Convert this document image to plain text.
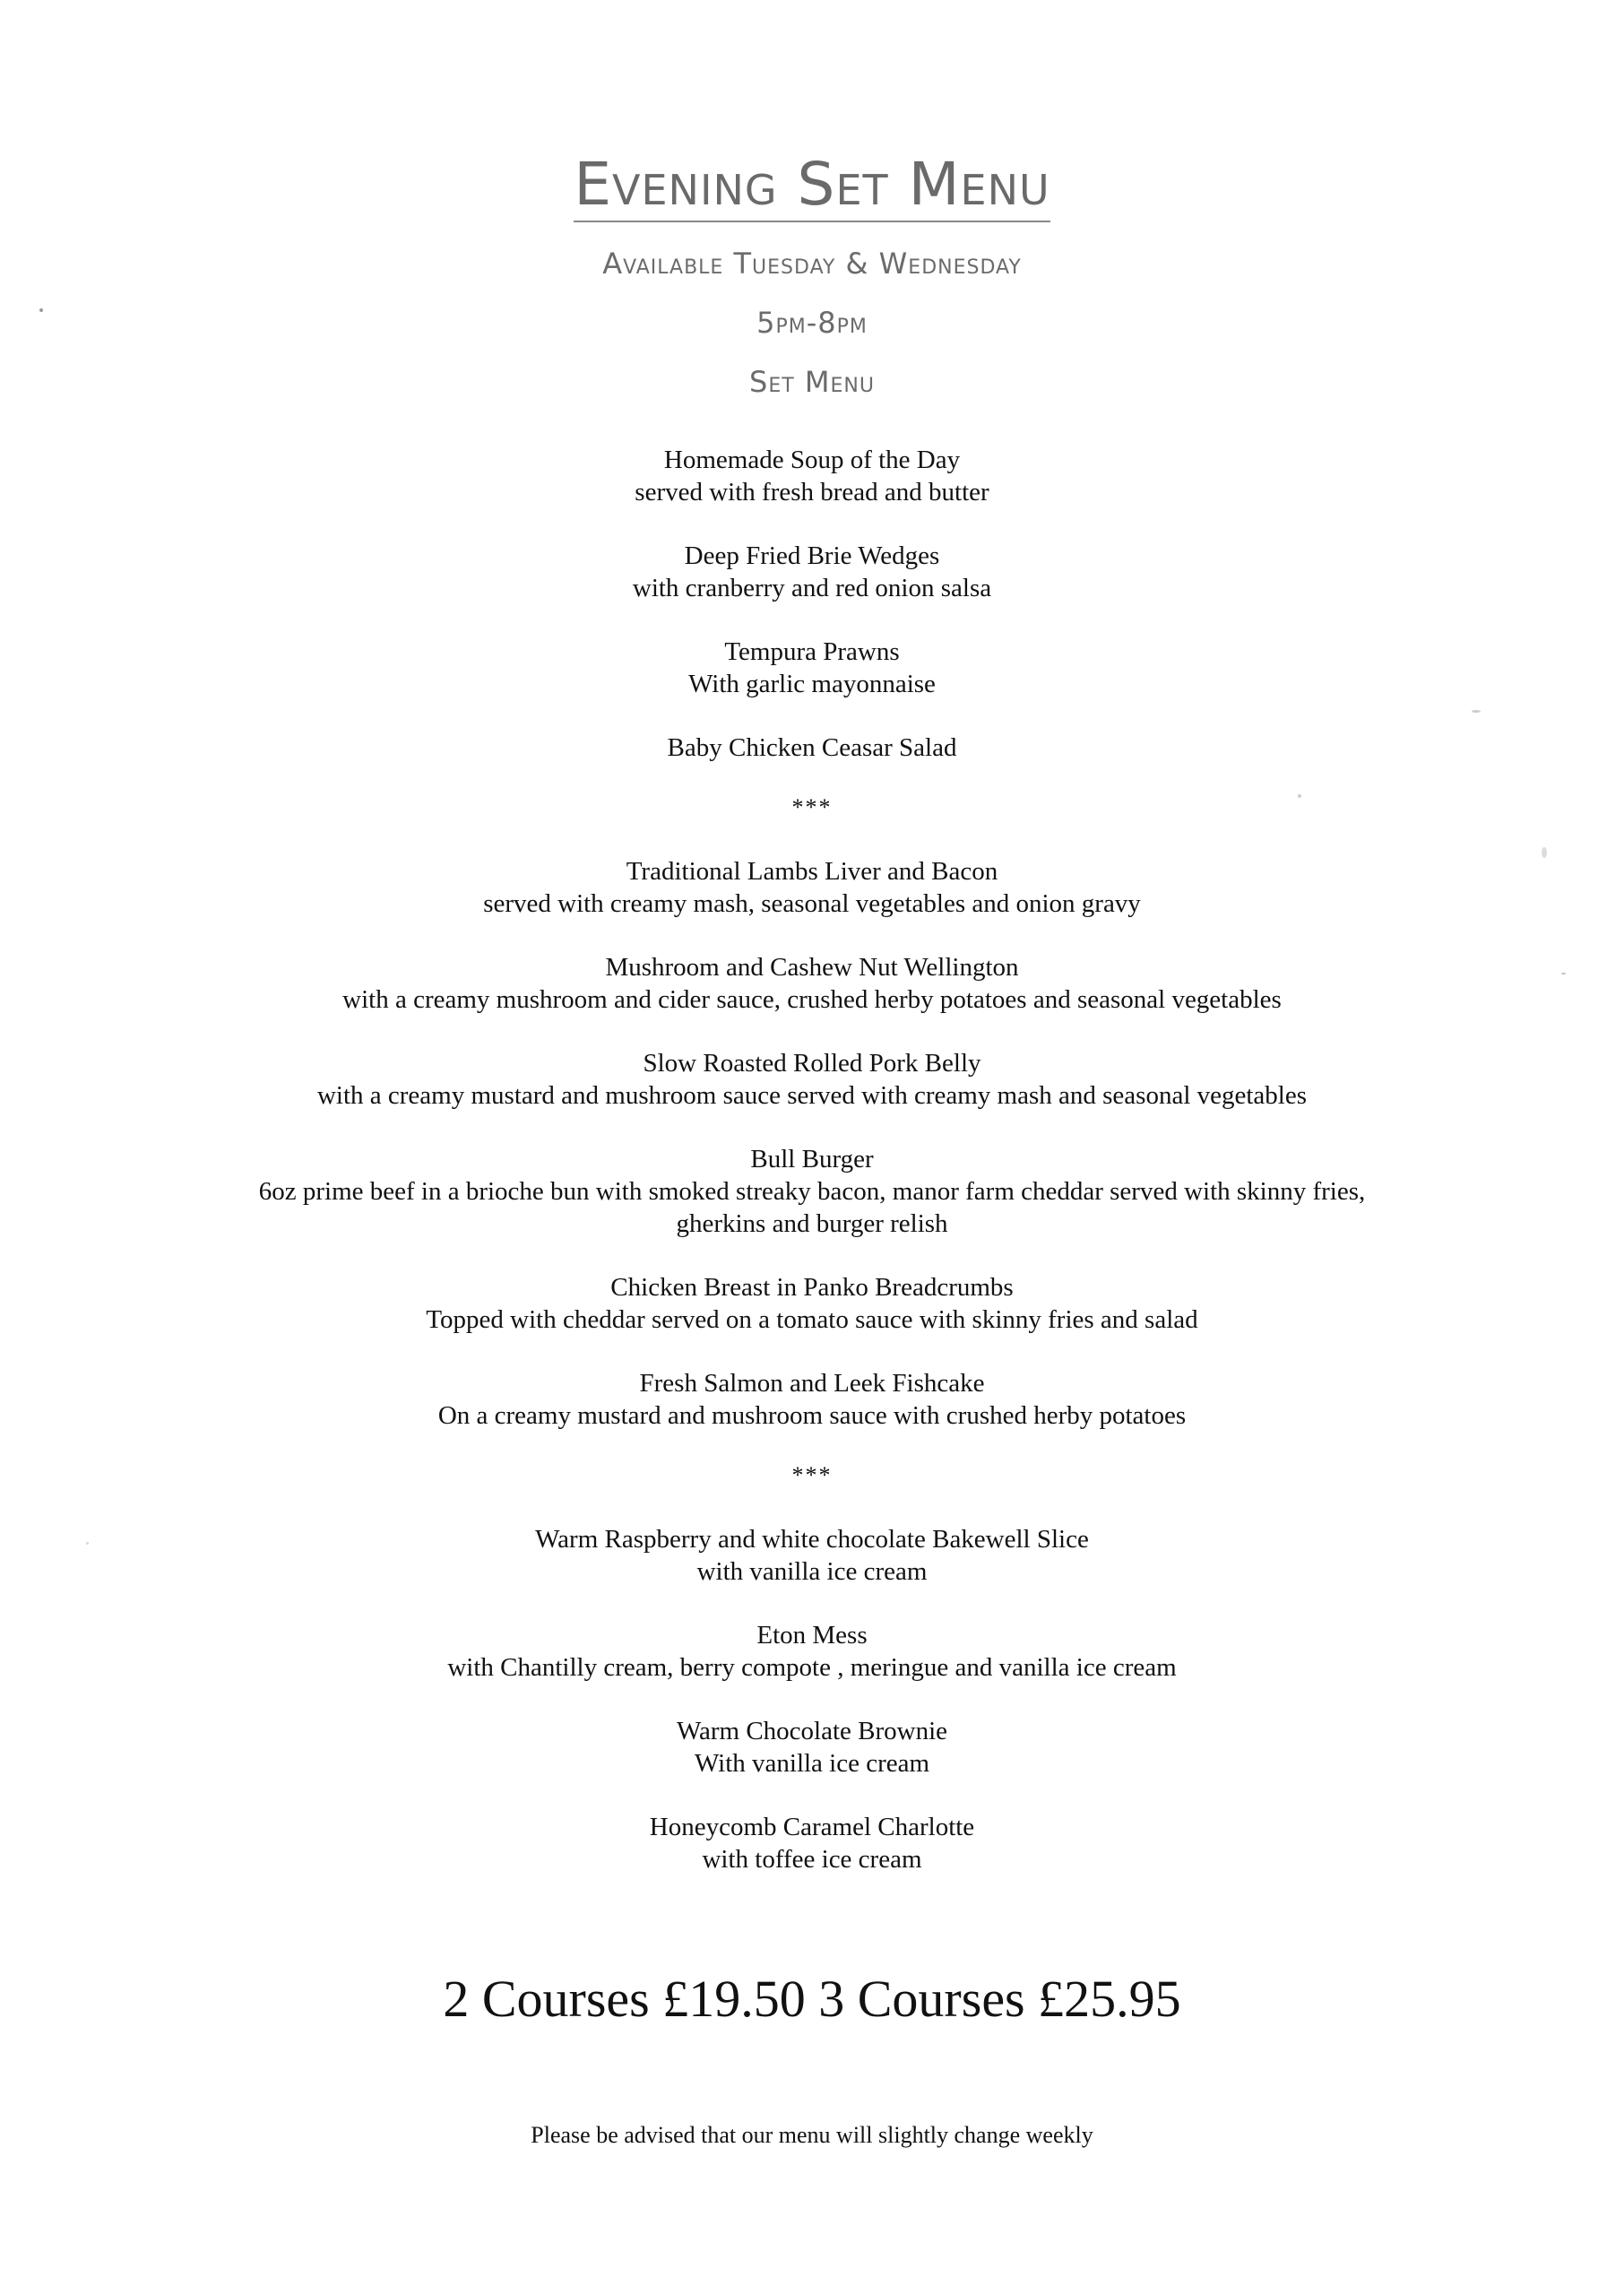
Evening Set Menu

Available Tuesday & Wednesday

5pm-8pm

Set Menu

Homemade Soup of the Day
served with fresh bread and butter
Deep Fried Brie Wedges
with cranberry and red onion salsa
Tempura Prawns
With garlic mayonnaise
Baby Chicken Ceasar Salad
***
Traditional Lambs Liver and Bacon
served with creamy mash, seasonal vegetables and onion gravy
Mushroom and Cashew Nut Wellington
with a creamy mushroom and cider sauce, crushed herby potatoes and seasonal vegetables
Slow Roasted Rolled Pork Belly
with a creamy mustard and mushroom sauce served with creamy mash and seasonal vegetables
Bull Burger
6oz prime beef in a brioche bun with smoked streaky bacon, manor farm cheddar served with skinny fries,
gherkins and burger relish
Chicken Breast in Panko Breadcrumbs
Topped with cheddar served on a tomato sauce with skinny fries and salad
Fresh Salmon and Leek Fishcake
On a creamy mustard and mushroom sauce with crushed herby potatoes
***
Warm Raspberry and white chocolate Bakewell Slice
with vanilla ice cream
Eton Mess
with Chantilly cream, berry compote , meringue and vanilla ice cream
Warm Chocolate Brownie
With vanilla ice cream
Honeycomb Caramel Charlotte
with toffee ice cream
2 Courses £19.50 3 Courses £25.95
Please be advised that our menu will slightly change weekly
